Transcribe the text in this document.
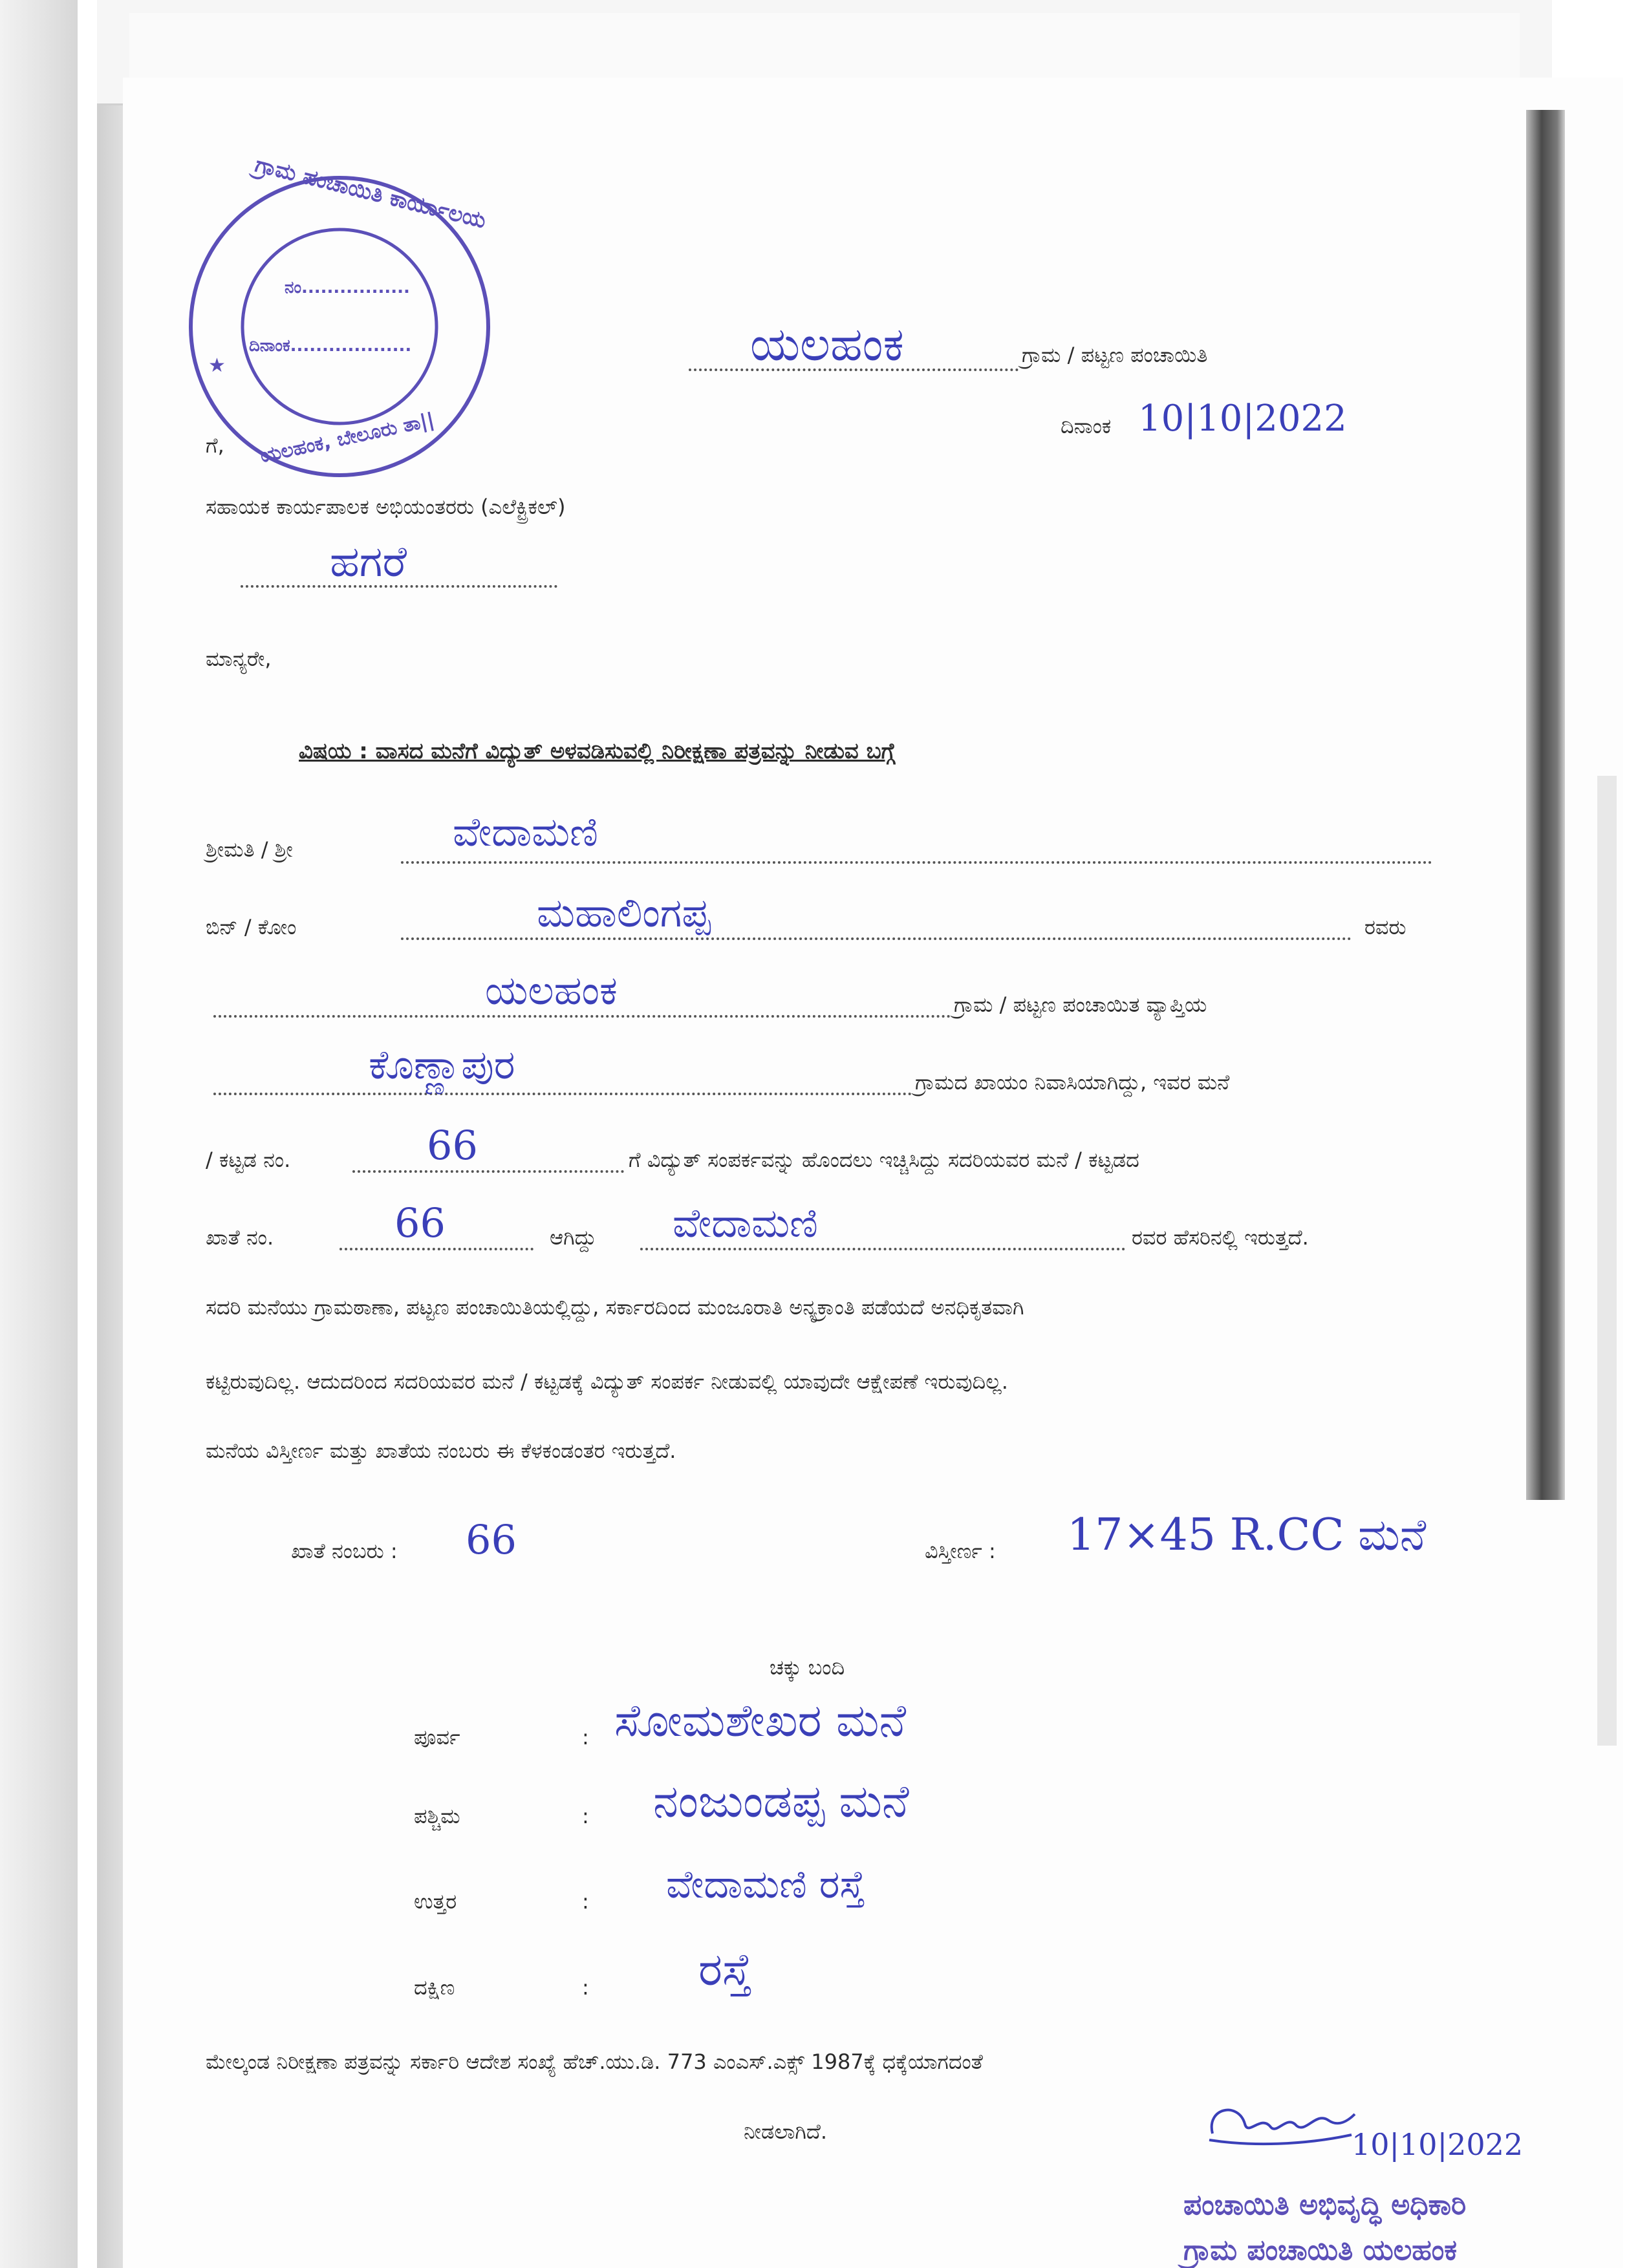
★
ಗ್ರಾಮ ಪಂಚಾಯಿತಿ ಕಾರ್ಯಾಲಯ
ನಂ.................
ದಿನಾಂಕ...................
ಯಲಹಂಕ, ಬೇಲೂರು ತಾ||
ಯಲಹಂಕ	ಗ್ರಾಮ / ಪಟ್ಟಣ ಪಂಚಾಯಿತಿ
ದಿನಾಂಕ 10|10|2022
ಗೆ,
ಸಹಾಯಕ ಕಾರ್ಯಪಾಲಕ ಅಭಿಯಂತರರು (ಎಲೆಕ್ಟ್ರಿಕಲ್)
ಹಗರೆ
ಮಾನ್ಯರೇ,
ವಿಷಯ : ವಾಸದ ಮನೆಗೆ ವಿದ್ಯುತ್ ಅಳವಡಿಸುವಲ್ಲಿ ನಿರೀಕ್ಷಣಾ ಪತ್ರವನ್ನು ನೀಡುವ ಬಗ್ಗೆ
ಶ್ರೀಮತಿ / ಶ್ರೀ	ವೇದಾಮಣಿ
ಬಿನ್ / ಕೋಂ	ಮಹಾಲಿಂಗಪ್ಪ	ರವರು
ಯಲಹಂಕ	ಗ್ರಾಮ / ಪಟ್ಟಣ ಪಂಚಾಯಿತ ವ್ಯಾಪ್ತಿಯ
ಕೊಣ್ಣಾಪುರ	ಗ್ರಾಮದ ಖಾಯಂ ನಿವಾಸಿಯಾಗಿದ್ದು, ಇವರ ಮನೆ
/ ಕಟ್ಟಡ ನಂ.	66	ಗೆ ವಿದ್ಯುತ್ ಸಂಪರ್ಕವನ್ನು ಹೊಂದಲು ಇಚ್ಚಿಸಿದ್ದು ಸದರಿಯವರ ಮನೆ / ಕಟ್ಟಡದ
ಖಾತೆ ನಂ.	66	ಆಗಿದ್ದು ವೇದಾಮಣಿ	ರವರ ಹೆಸರಿನಲ್ಲಿ ಇರುತ್ತದೆ.
ಸದರಿ ಮನೆಯು ಗ್ರಾಮಠಾಣಾ, ಪಟ್ಟಣ ಪಂಚಾಯಿತಿಯಲ್ಲಿದ್ದು, ಸರ್ಕಾರದಿಂದ ಮಂಜೂರಾತಿ ಅನ್ಯಕ್ರಾಂತಿ ಪಡೆಯದೆ ಅನಧಿಕೃತವಾಗಿ
ಕಟ್ಟಿರುವುದಿಲ್ಲ. ಆದುದರಿಂದ ಸದರಿಯವರ ಮನೆ / ಕಟ್ಟಡಕ್ಕೆ ವಿದ್ಯುತ್ ಸಂಪರ್ಕ ನೀಡುವಲ್ಲಿ ಯಾವುದೇ ಆಕ್ಷೇಪಣೆ ಇರುವುದಿಲ್ಲ.
ಮನೆಯ ವಿಸ್ತೀರ್ಣ ಮತ್ತು ಖಾತೆಯ ನಂಬರು ಈ ಕೆಳಕಂಡಂತರ ಇರುತ್ತದೆ.
ಖಾತೆ ನಂಬರು : 66	ವಿಸ್ತೀರ್ಣ : 17×45 R.CC ಮನೆ
ಚಕ್ಕು ಬಂದಿ
ಪೂರ್ವ	: ಸೋಮಶೇಖರ ಮನೆ
ಪಶ್ಚಿಮ	: ನಂಜುಂಡಪ್ಪ ಮನೆ
ಉತ್ತರ	: ವೇದಾಮಣಿ ರಸ್ತೆ
ದಕ್ಷಿಣ	: ರಸ್ತೆ
ಮೇಲ್ಕಂಡ ನಿರೀಕ್ಷಣಾ ಪತ್ರವನ್ನು ಸರ್ಕಾರಿ ಆದೇಶ ಸಂಖ್ಯೆ ಹೆಚ್.ಯು.ಡಿ. 773 ಎಂಎಸ್.ಎಕ್ಸ್ 1987ಕ್ಕೆ ಧಕ್ಕೆಯಾಗದಂತೆ
ನೀಡಲಾಗಿದೆ.	10|10|2022
ಪಂಚಾಯಿತಿ ಅಭಿವೃದ್ಧಿ ಅಧಿಕಾರಿ
ಗ್ರಾಮ ಪಂಚಾಯಿತಿ ಯಲಹಂಕ
